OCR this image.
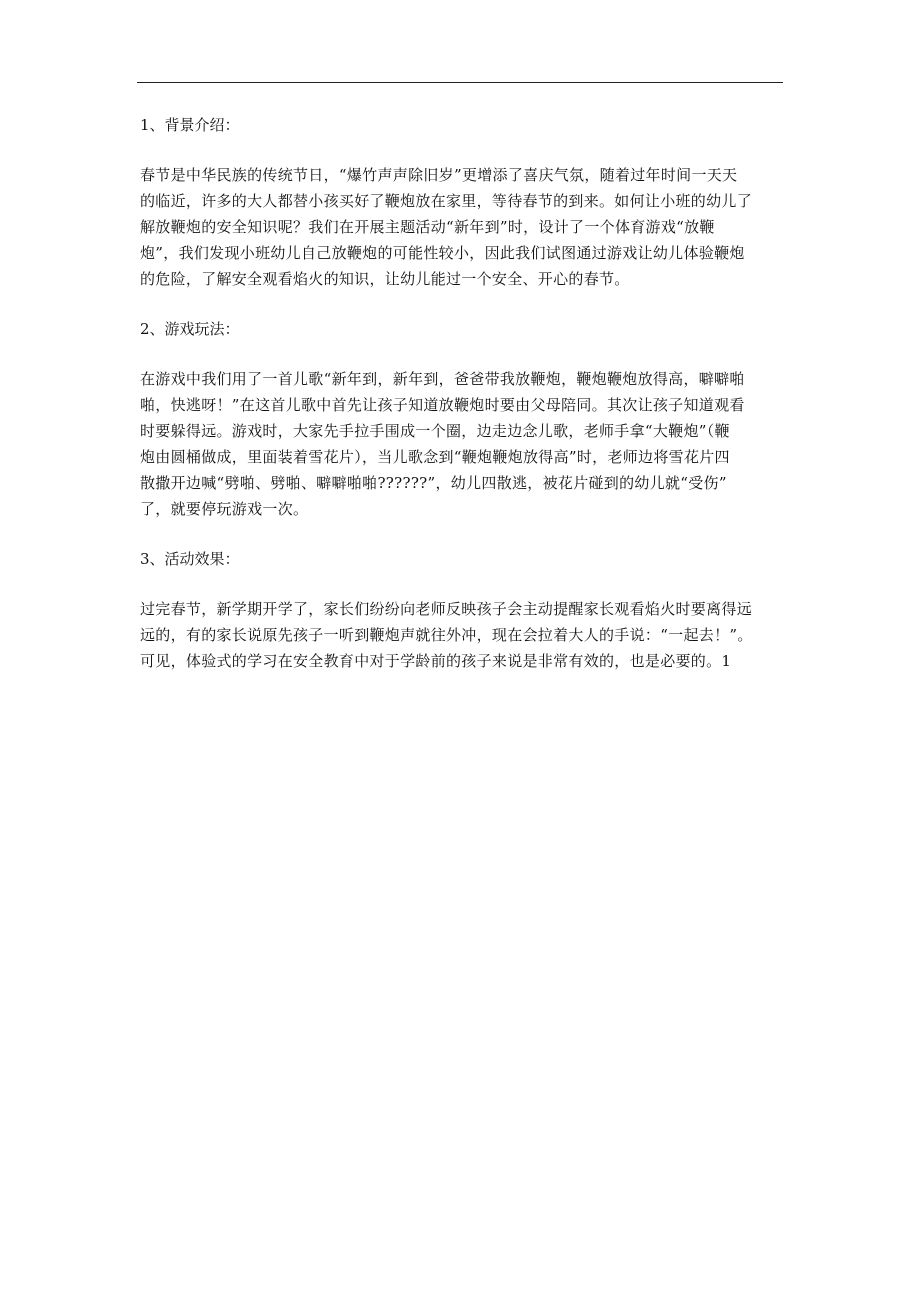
1、背景介绍：

春节是中华民族的传统节日，“爆竹声声除旧岁”更增添了喜庆气氛，随着过年时间一天天
的临近，许多的大人都替小孩买好了鞭炮放在家里，等待春节的到来。如何让小班的幼儿了
解放鞭炮的安全知识呢？我们在开展主题活动“新年到”时，设计了一个体育游戏“放鞭
炮”，我们发现小班幼儿自己放鞭炮的可能性较小，因此我们试图通过游戏让幼儿体验鞭炮
的危险，了解安全观看焰火的知识，让幼儿能过一个安全、开心的春节。

2、游戏玩法：

在游戏中我们用了一首儿歌“新年到，新年到，爸爸带我放鞭炮，鞭炮鞭炮放得高，噼噼啪
啪，快逃呀！”在这首儿歌中首先让孩子知道放鞭炮时要由父母陪同。其次让孩子知道观看
时要躲得远。游戏时，大家先手拉手围成一个圈，边走边念儿歌，老师手拿“大鞭炮”（鞭
炮由圆桶做成，里面装着雪花片），当儿歌念到“鞭炮鞭炮放得高”时，老师边将雪花片四
散撒开边喊“劈啪、劈啪、噼噼啪啪??????”，幼儿四散逃，被花片碰到的幼儿就“受伤”
了，就要停玩游戏一次。

3、活动效果：

过完春节，新学期开学了，家长们纷纷向老师反映孩子会主动提醒家长观看焰火时要离得远
远的，有的家长说原先孩子一听到鞭炮声就往外冲，现在会拉着大人的手说：“一起去！”。
可见，体验式的学习在安全教育中对于学龄前的孩子来说是非常有效的，也是必要的。1
